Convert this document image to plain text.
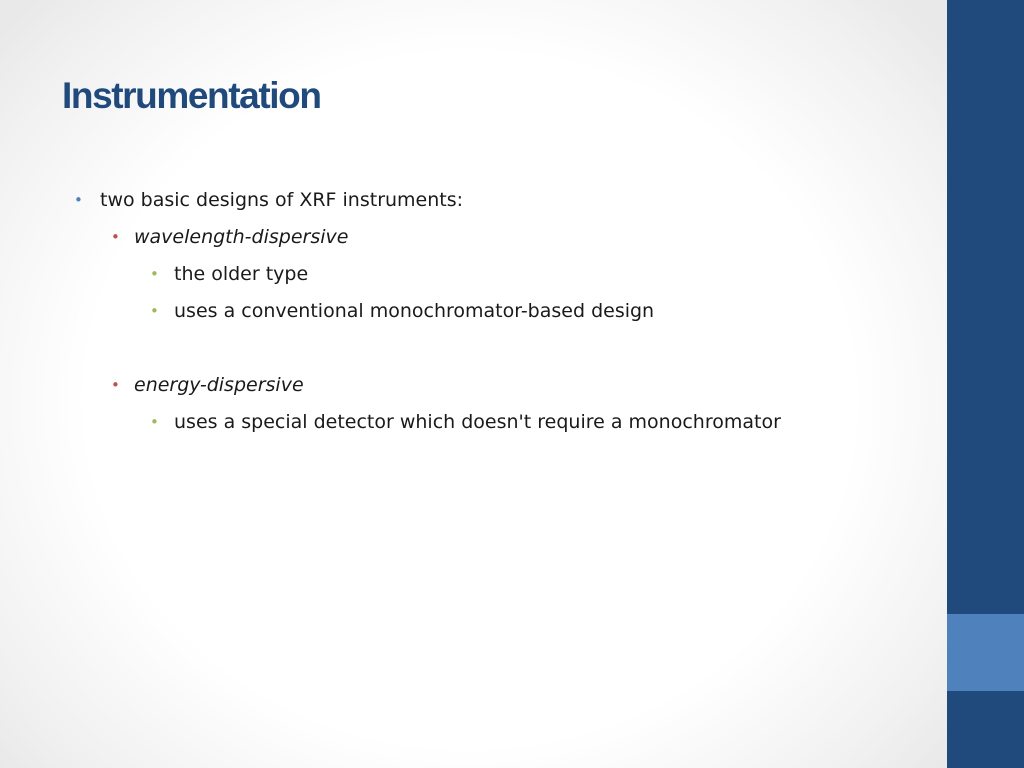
Instrumentation
• two basic designs of XRF instruments:
• wavelength-dispersive
• the older type
• uses a conventional monochromator-based design
• energy-dispersive
• uses a special detector which doesn't require a monochromator
